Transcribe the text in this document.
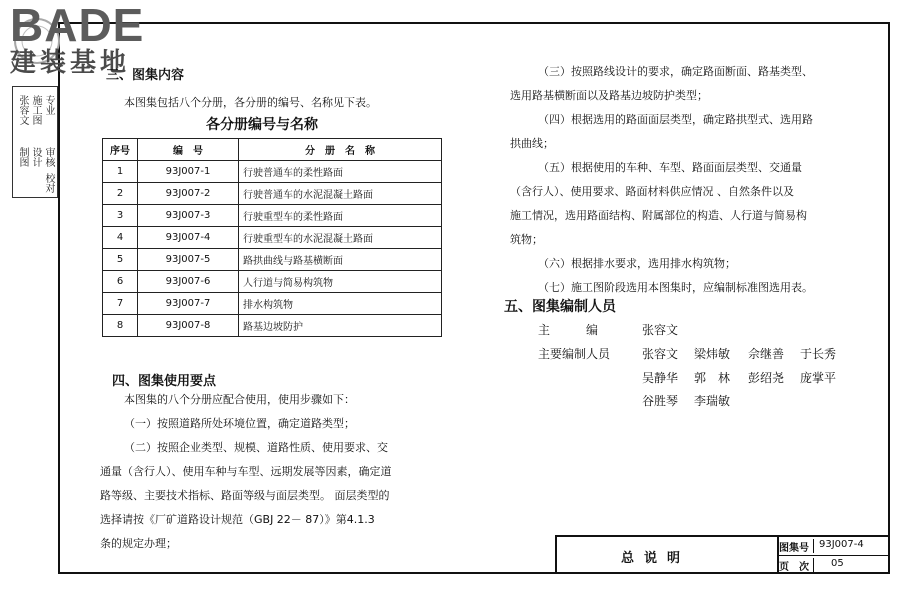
BADE
建装基地
专业
施工图
张容文
审核
设计
制图
校对
三、图集内容
本图集包括八个分册，各分册的编号、名称见下表。
各分册编号与名称
序号	编　号	分　册　名　称
1	93J007-1	行驶普通车的柔性路面
2	93J007-2	行驶普通车的水泥混凝土路面
3	93J007-3	行驶重型车的柔性路面
4	93J007-4	行驶重型车的水泥混凝土路面
5	93J007-5	路拱曲线与路基横断面
6	93J007-6	人行道与简易构筑物
7	93J007-7	排水构筑物
8	93J007-8	路基边坡防护
四、图集使用要点
本图集的八个分册应配合使用，使用步骤如下：
（一）按照道路所处环境位置，确定道路类型；
（二）按照企业类型、规模、道路性质、使用要求、交
通量（含行人）、使用车种与车型、远期发展等因素，确定道
路等级、主要技术指标、路面等级与面层类型。 面层类型的
选择请按《厂矿道路设计规范（GBJ 22－ 87）》第4.1.3
条的规定办理；
（三）按照路线设计的要求，确定路面断面、路基类型、
选用路基横断面以及路基边坡防护类型；
（四）根据选用的路面面层类型，确定路拱型式、选用路
拱曲线；
（五）根据使用的车种、车型、路面面层类型、交通量
（含行人）、使用要求、路面材料供应情况 、自然条件以及
施工情况，选用路面结构、附属部位的构造、人行道与简易构
筑物；
（六）根据排水要求，选用排水构筑物；
（七）施工图阶段选用本图集时，应编制标准图选用表。
五、图集编制人员
主　　　编	张容文
主要编制人员	张容文 梁炜敏 佘继善 于长秀
吴静华 郭　林 彭绍尧 庞掌平
谷胜琴 李瑞敏
总说明
图集号	93J007-4
页　次	05
